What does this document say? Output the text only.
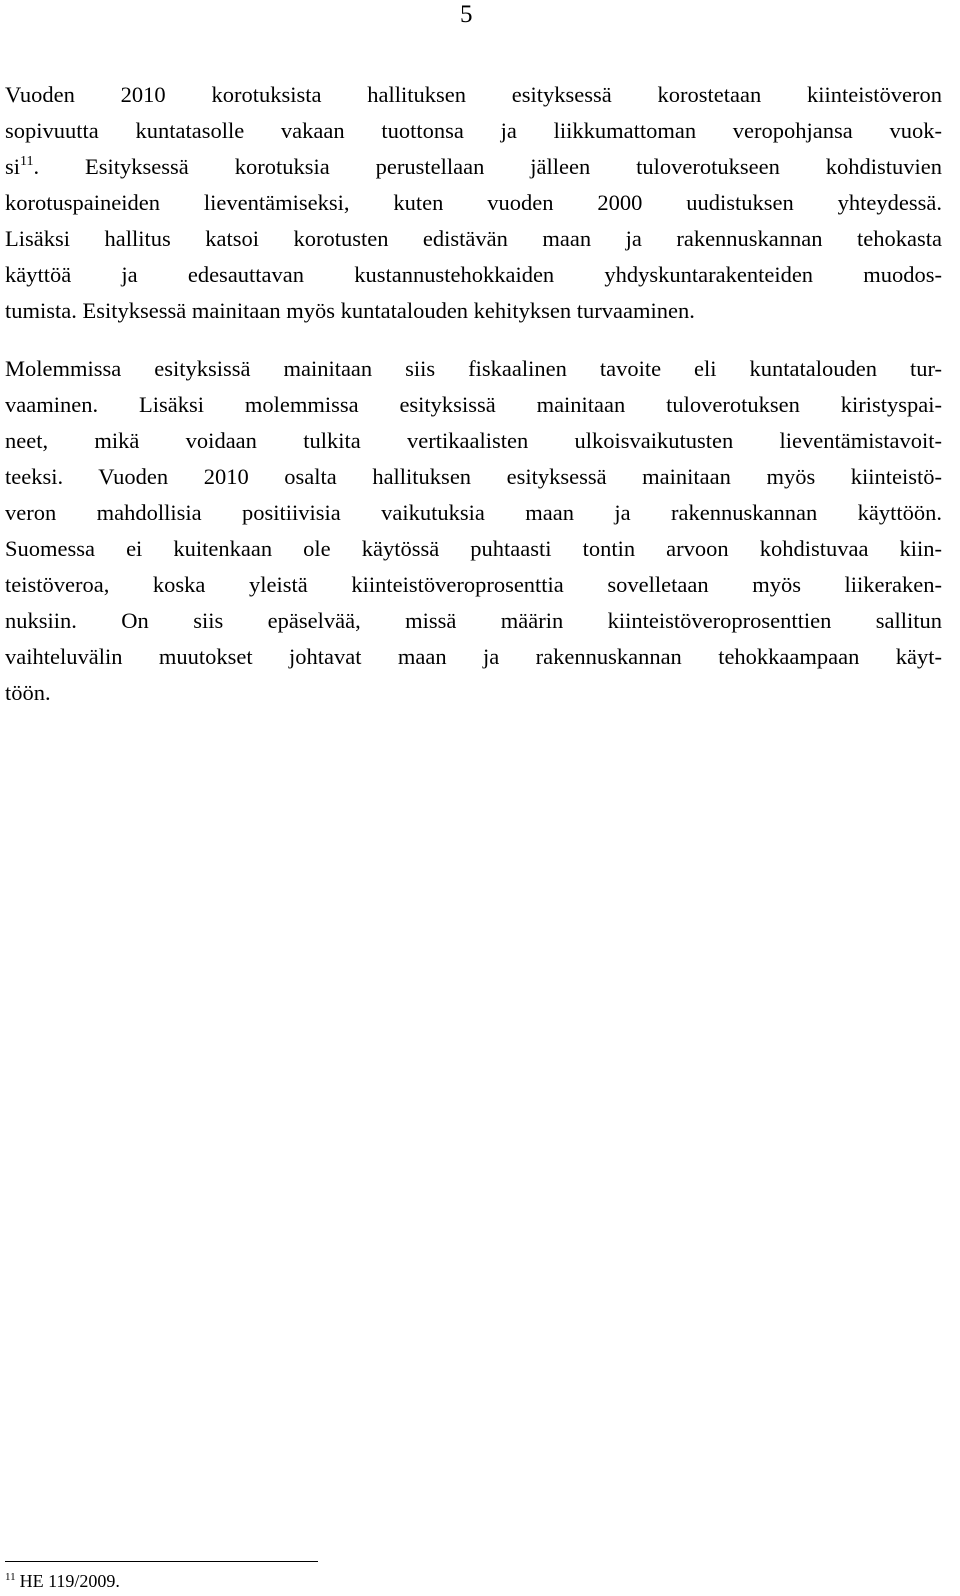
5
Vuoden 2010 korotuksista hallituksen esityksessä korostetaan kiinteistöveron
sopivuutta kuntatasolle vakaan tuottonsa ja liikkumattoman veropohjansa vuok-
$si^{11}$. Esityksessä korotuksia perustellaan jälleen tuloverotukseen kohdistuvien
korotuspaineiden lieventämiseksi, kuten vuoden 2000 uudistuksen yhteydessä.
Lisäksi hallitus katsoi korotusten edistävän maan ja rakennuskannan tehokasta
käyttöä ja edesauttavan kustannustehokkaiden yhdyskuntarakenteiden muodos-
tumista. Esityksessä mainitaan myös kuntatalouden kehityksen turvaaminen.
Molemmissa esityksissä mainitaan siis fiskaalinen tavoite eli kuntatalouden tur-
vaaminen. Lisäksi molemmissa esityksissä mainitaan tuloverotuksen kiristyspai-
neet, mikä voidaan tulkita vertikaalisten ulkoisvaikutusten lieventämistavoit-
teeksi. Vuoden 2010 osalta hallituksen esityksessä mainitaan myös kiinteistö-
veron mahdollisia positiivisia vaikutuksia maan ja rakennuskannan käyttöön.
Suomessa ei kuitenkaan ole käytössä puhtaasti tontin arvoon kohdistuvaa kiin-
teistöveroa, koska yleistä kiinteistöveroprosenttia sovelletaan myös liikeraken-
nuksiin. On siis epäselvää, missä määrin kiinteistöveroprosenttien sallitun
vaihteluvälin muutokset johtavat maan ja rakennuskannan tehokkaampaan käyt-
töön.
$^{11}$ HE 119/2009.
